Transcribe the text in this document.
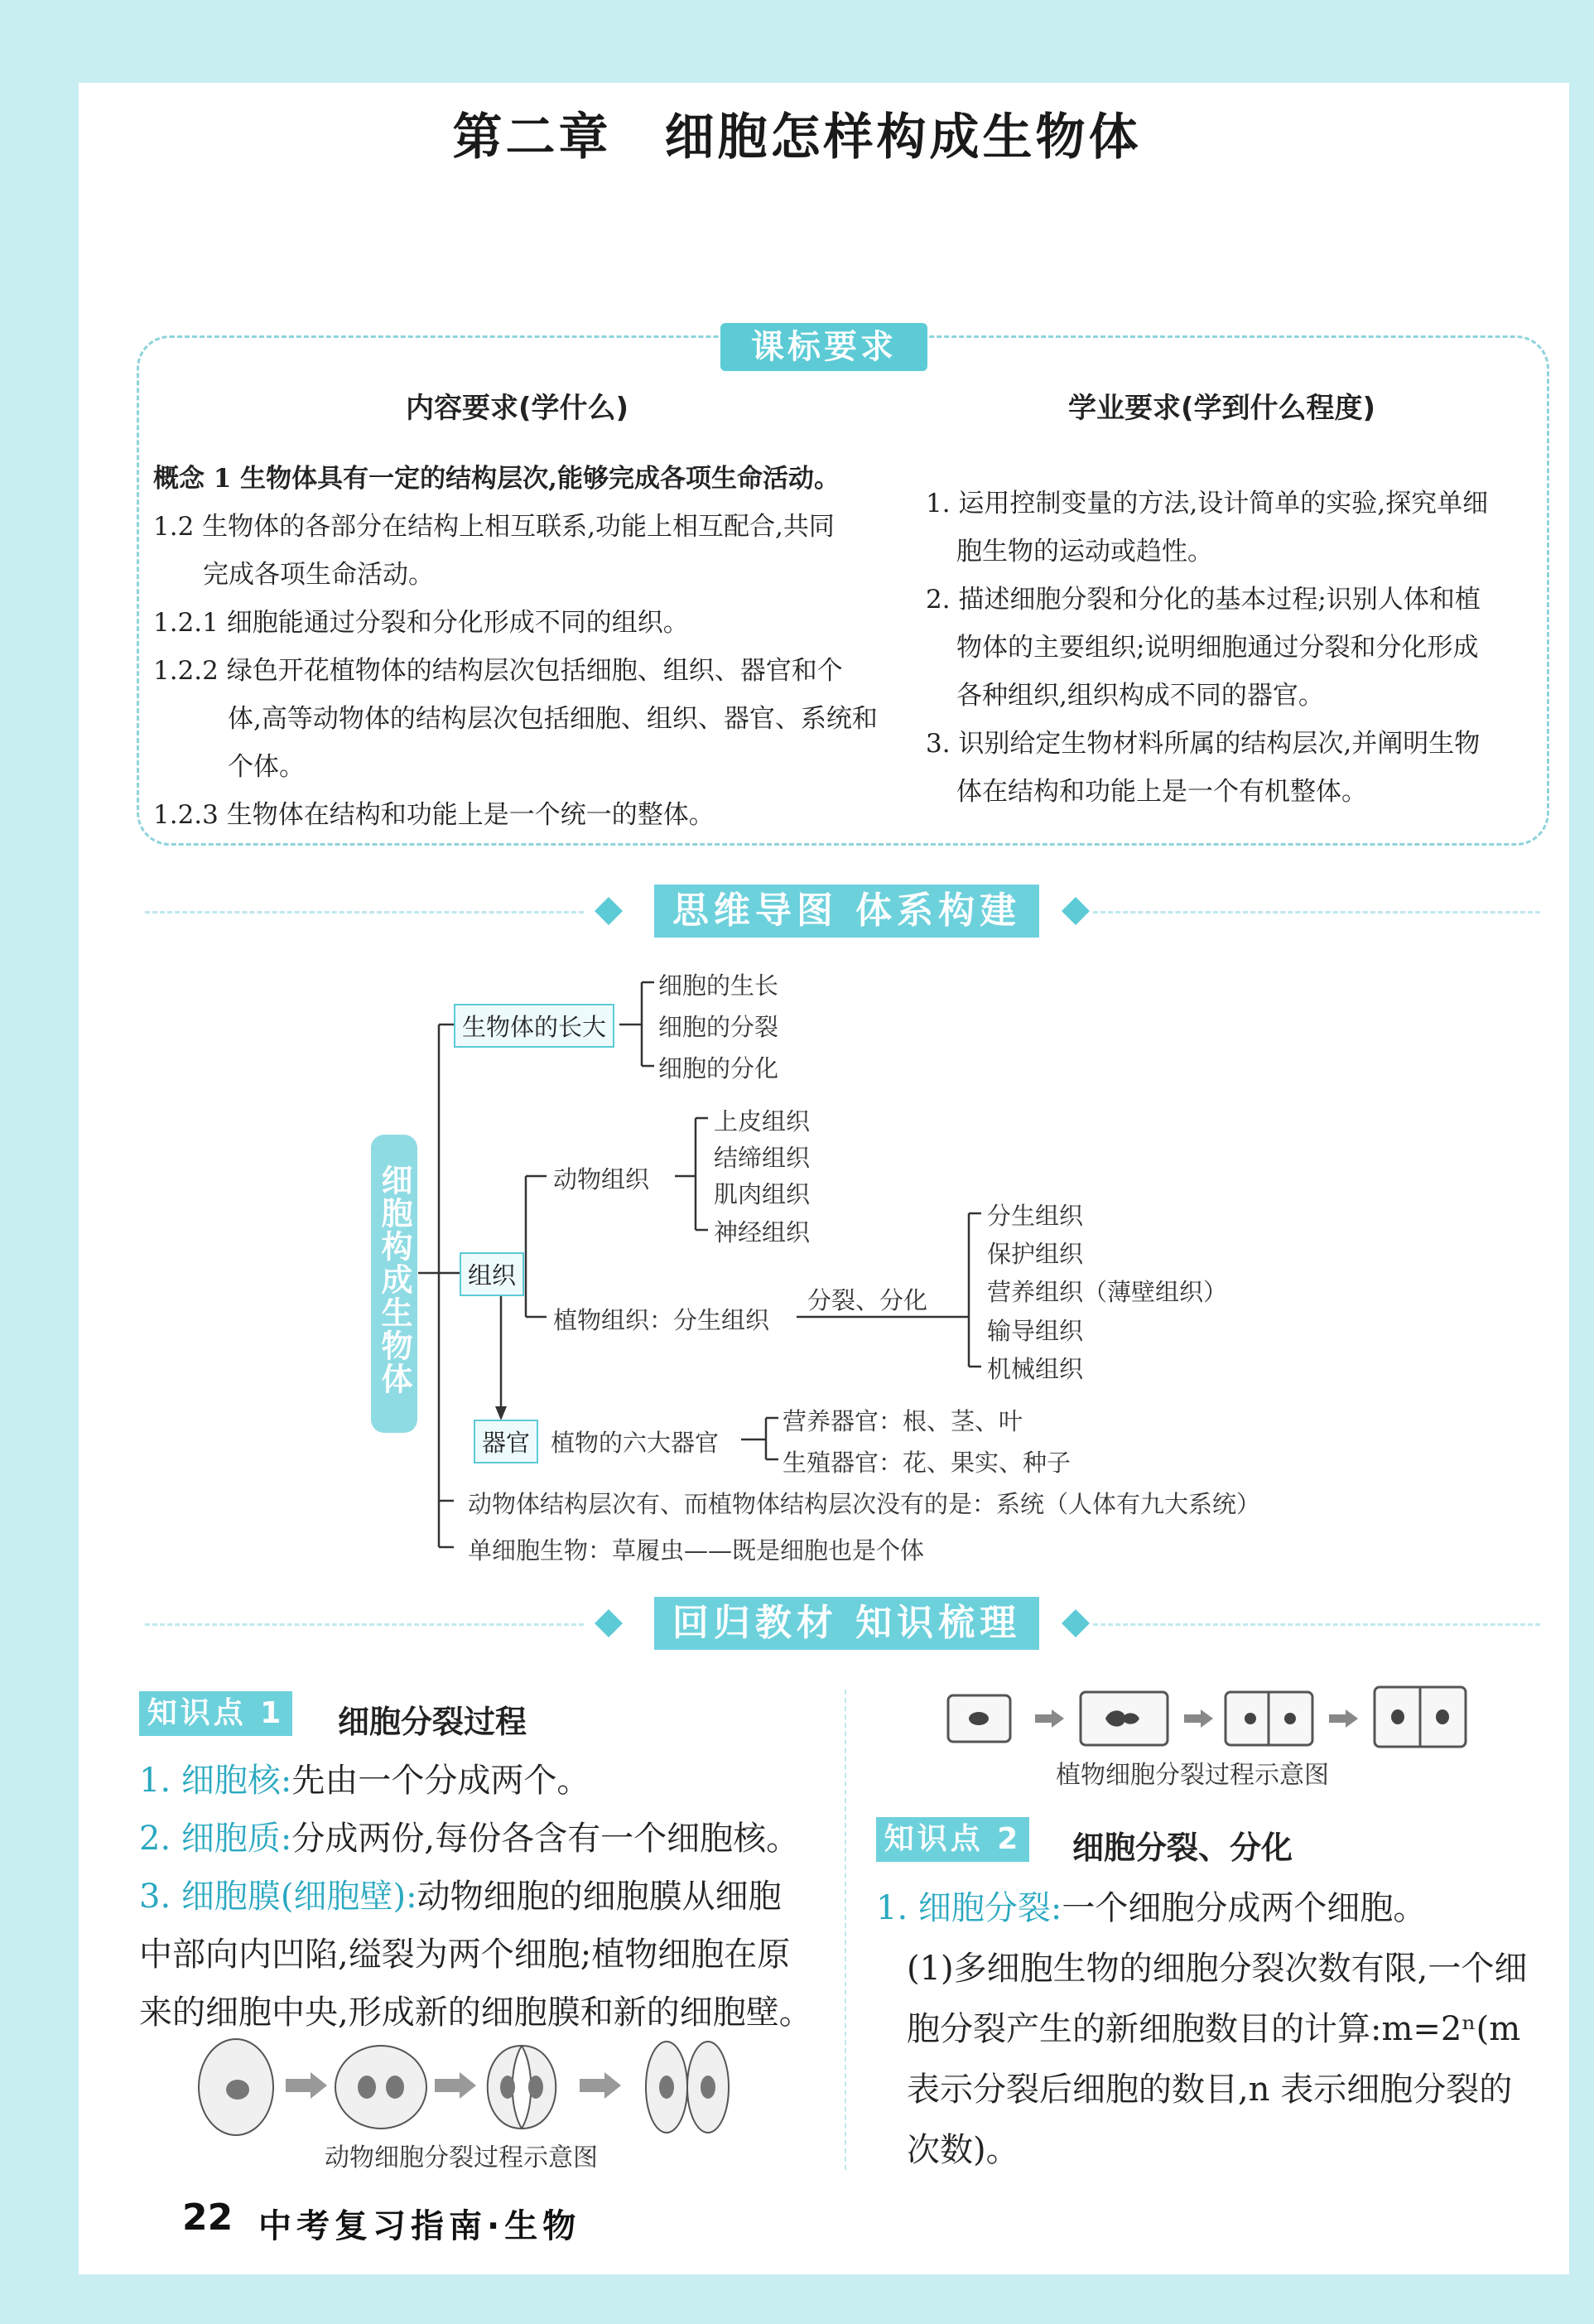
第二章　细胞怎样构成生物体
课标要求
内容要求(学什么)	学业要求(学到什么程度)
概念 1 生物体具有一定的结构层次,能够完成各项生命活动。
1.2 生物体的各部分在结构上相互联系,功能上相互配合,共同
完成各项生命活动。
1.2.1 细胞能通过分裂和分化形成不同的组织。
1.2.2 绿色开花植物体的结构层次包括细胞、组织、器官和个
体,高等动物体的结构层次包括细胞、组织、器官、系统和
个体。
1.2.3 生物体在结构和功能上是一个统一的整体。
1. 运用控制变量的方法,设计简单的实验,探究单细
胞生物的运动或趋性。
2. 描述细胞分裂和分化的基本过程;识别人体和植
物体的主要组织;说明细胞通过分裂和分化形成
各种组织,组织构成不同的器官。
3. 识别给定生物材料所属的结构层次,并阐明生物
体在结构和功能上是一个有机整体。
思维导图 体系构建
细胞构成生物体
生物体的长大
细胞的生长
细胞的分裂
细胞的分化
组织
动物组织
上皮组织
结缔组织
肌肉组织
神经组织
植物组织：分生组织
分裂、分化
分生组织
保护组织
营养组织（薄壁组织）
输导组织
机械组织
器官 植物的六大器官
营养器官：根、茎、叶
生殖器官：花、果实、种子
动物体结构层次有、而植物体结构层次没有的是：系统（人体有九大系统）
单细胞生物：草履虫——既是细胞也是个体
回归教材 知识梳理
知识点 1 细胞分裂过程
1. 细胞核:先由一个分成两个。
2. 细胞质:分成两份,每份各含有一个细胞核。
3. 细胞膜(细胞壁):动物细胞的细胞膜从细胞
中部向内凹陷,缢裂为两个细胞;植物细胞在原
来的细胞中央,形成新的细胞膜和新的细胞壁。
动物细胞分裂过程示意图
植物细胞分裂过程示意图
知识点 2 细胞分裂、分化
1. 细胞分裂:一个细胞分成两个细胞。
(1)多细胞生物的细胞分裂次数有限,一个细
胞分裂产生的新细胞数目的计算:m=2ⁿ(m
表示分裂后细胞的数目,n 表示细胞分裂的
次数)。
22 中考复习指南·生物
